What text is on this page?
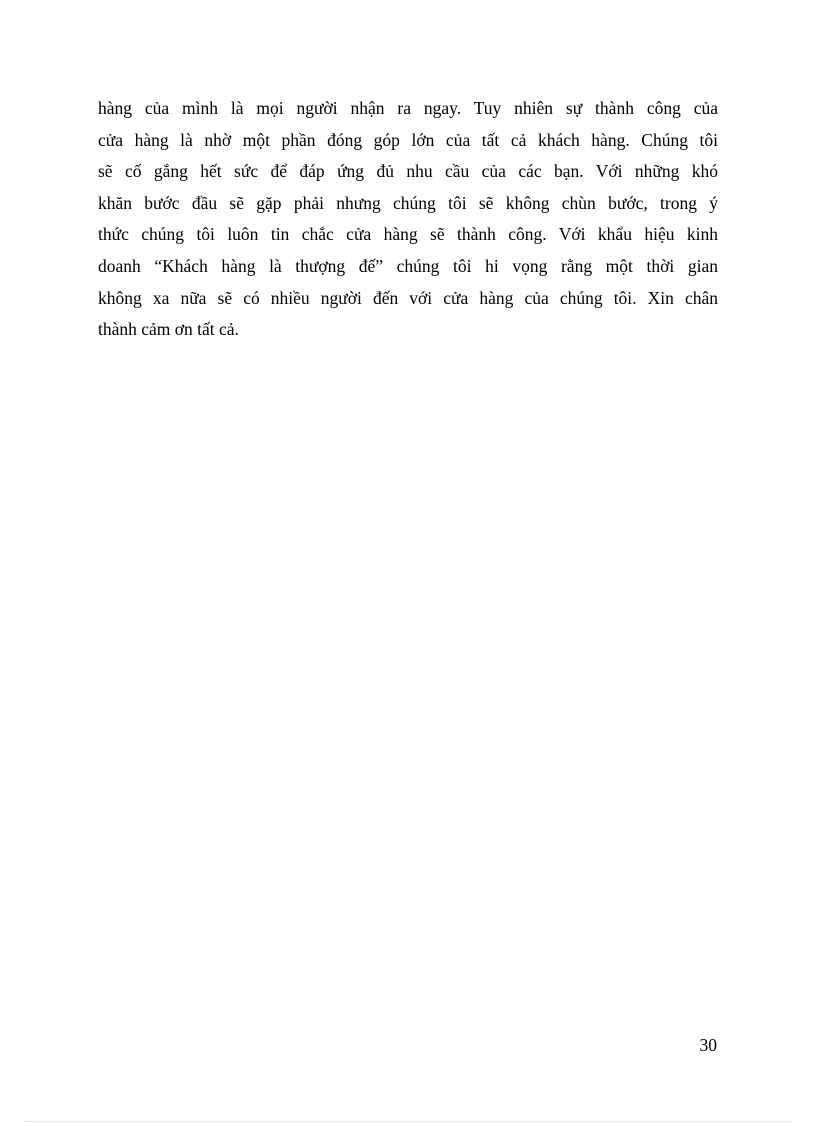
hàng của mình là mọi người nhận ra ngay. Tuy nhiên sự thành công của
cửa hàng là nhờ một phần đóng góp lớn của tất cả khách hàng. Chúng tôi
sẽ cố gắng hết sức để đáp ứng đủ nhu cầu của các bạn. Với những khó
khăn bước đầu sẽ gặp phải nhưng chúng tôi sẽ không chùn bước, trong ý
thức chúng tôi luôn tin chắc cửa hàng sẽ thành công. Với khẩu hiệu kinh
doanh “Khách hàng là thượng đế” chúng tôi hi vọng rằng một thời gian
không xa nữa sẽ có nhiều người đến với cửa hàng của chúng tôi. Xin chân
thành cảm ơn tất cả.
30
